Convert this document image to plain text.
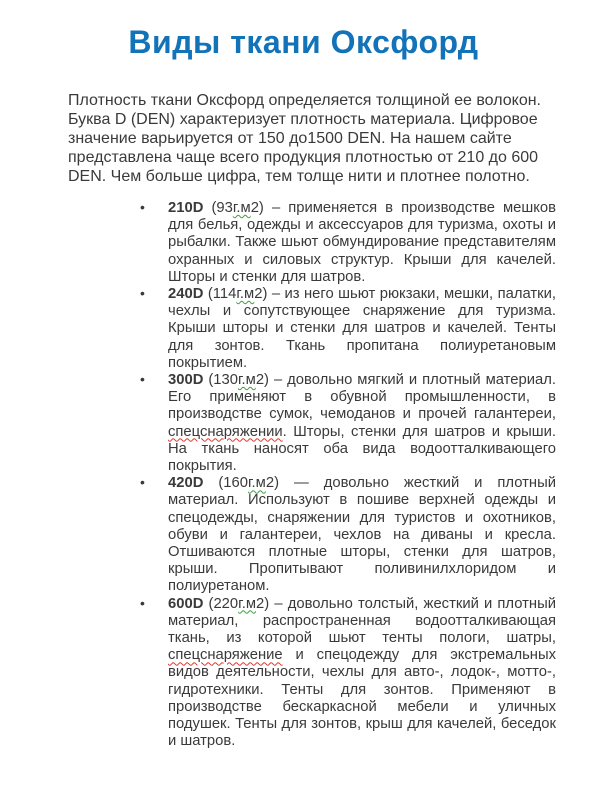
Виды ткани Оксфорд

Плотность ткани Оксфорд определяется толщиной ее волокон. Буква D (DEN) характеризует плотность материала. Цифровое значение варьируется от 150 до1500 DEN. На нашем сайте представлена чаще всего продукция плотностью от 210 до 600 DEN. Чем больше цифра, тем толще нити и плотнее полотно.

• 210D (93г.м2) – применяется в производстве мешков для белья, одежды и аксессуаров для туризма, охоты и рыбалки. Также шьют обмундирование представителям охранных и силовых структур. Крыши для качелей. Шторы и стенки для шатров.
• 240D (114г.м2) – из него шьют рюкзаки, мешки, палатки, чехлы и сопутствующее снаряжение для туризма. Крыши шторы и стенки для шатров и качелей. Тенты для зонтов. Ткань пропитана полиуретановым покрытием.
• 300D (130г.м2) – довольно мягкий и плотный материал. Его применяют в обувной промышленности, в производстве сумок, чемоданов и прочей галантереи, спецснаряжении. Шторы, стенки для шатров и крыши. На ткань наносят оба вида водоотталкивающего покрытия.
• 420D (160г.м2) — довольно жесткий и плотный материал. Используют в пошиве верхней одежды и спецодежды, снаряжении для туристов и охотников, обуви и галантереи, чехлов на диваны и кресла. Отшиваются плотные шторы, стенки для шатров, крыши. Пропитывают поливинилхлоридом и полиуретаном.
• 600D (220г.м2) – довольно толстый, жесткий и плотный материал, распространенная водоотталкивающая ткань, из которой шьют тенты пологи, шатры, спецснаряжение и спецодежду для экстремальных видов деятельности, чехлы для авто-, лодок-, мотто-, гидротехники. Тенты для зонтов. Применяют в производстве бескаркасной мебели и уличных подушек. Тенты для зонтов, крыш для качелей, беседок и шатров.
